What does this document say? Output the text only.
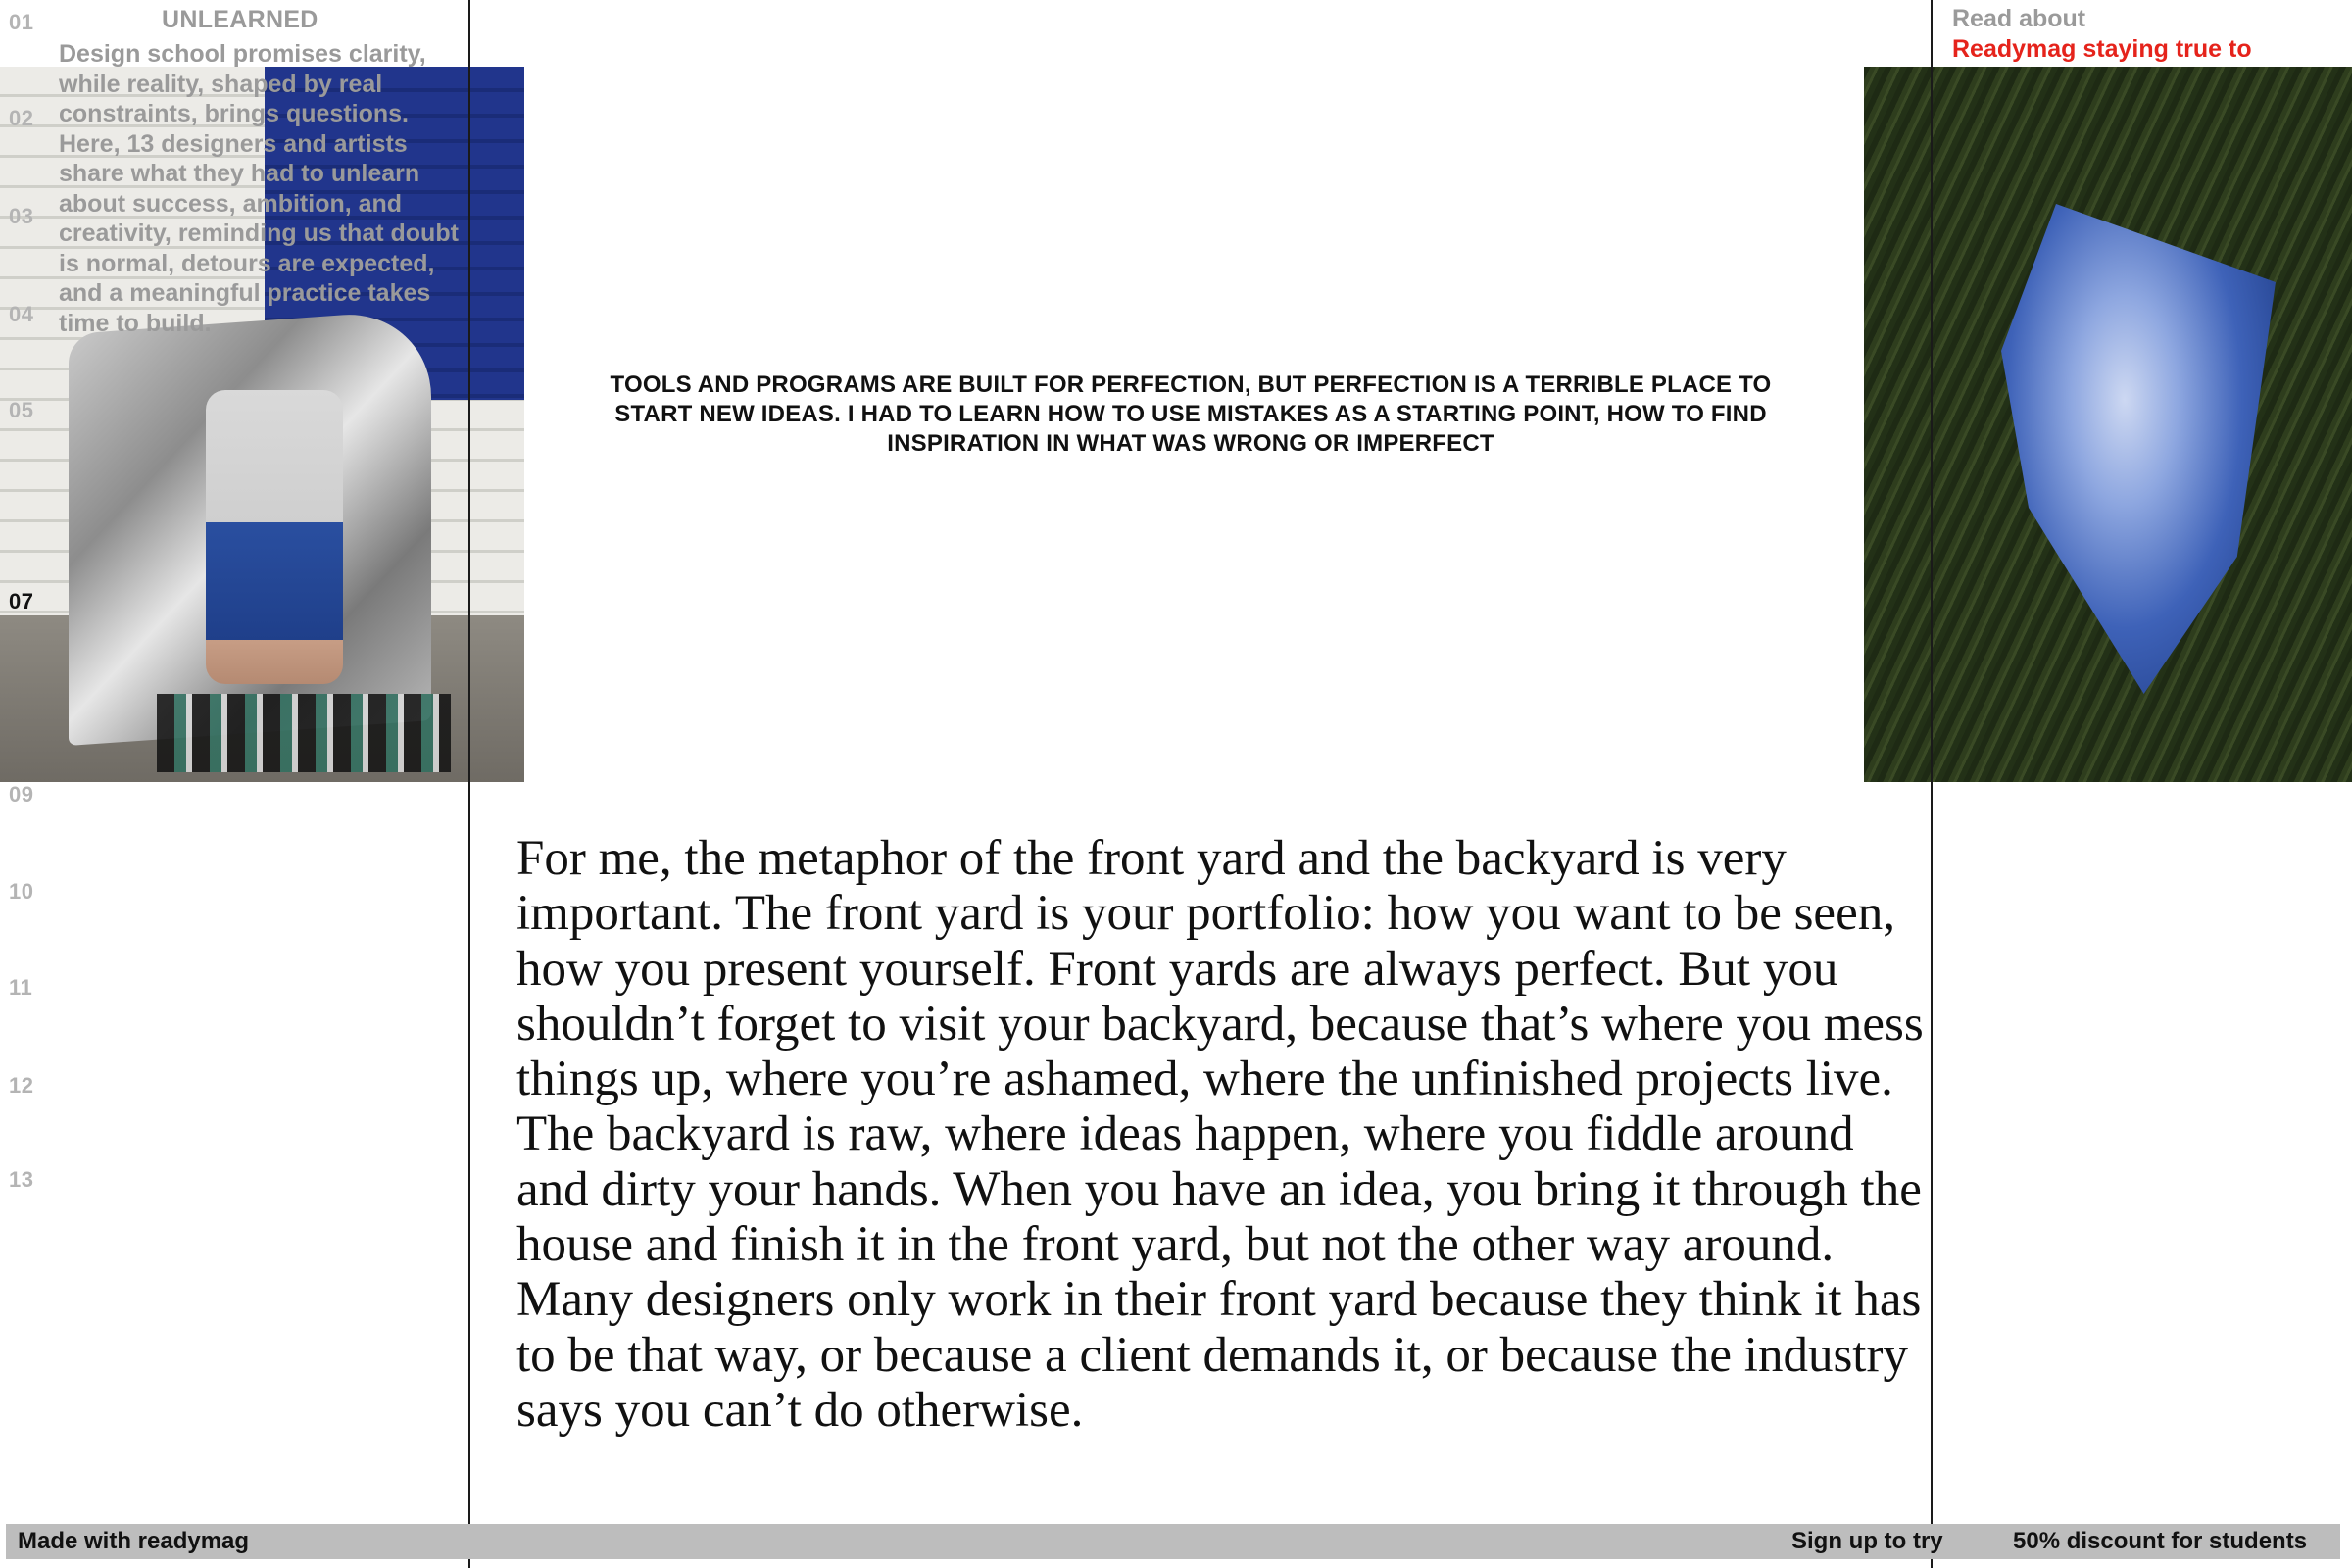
01
02
03
04
05
07
09
10
11
12
13
UNLEARNED
Design school promises clarity, while reality, shaped by real constraints, brings questions. Here, 13 designers and artists share what they had to unlearn about success, ambition, and creativity, reminding us that doubt is normal, detours are expected, and a meaningful practice takes time to build.
Read about
Readymag staying true to
TOOLS AND PROGRAMS ARE BUILT FOR PERFECTION, BUT PERFECTION IS A TERRIBLE PLACE TO START NEW IDEAS. I HAD TO LEARN HOW TO USE MISTAKES AS A STARTING POINT, HOW TO FIND INSPIRATION IN WHAT WAS WRONG OR IMPERFECT
For me, the metaphor of the front yard and the backyard is very important. The front yard is your portfolio: how you want to be seen, how you present yourself. Front yards are always perfect. But you shouldn’t forget to visit your backyard, because that’s where you mess things up, where you’re ashamed, where the unfinished projects live. The backyard is raw, where ideas happen, where you fiddle around and dirty your hands. When you have an idea, you bring it through the house and finish it in the front yard, but not the other way around. Many designers only work in their front yard because they think it has to be that way, or because a client demands it, or because the industry says you can’t do otherwise.
Made with readymag	Sign up to try	50% discount for students
